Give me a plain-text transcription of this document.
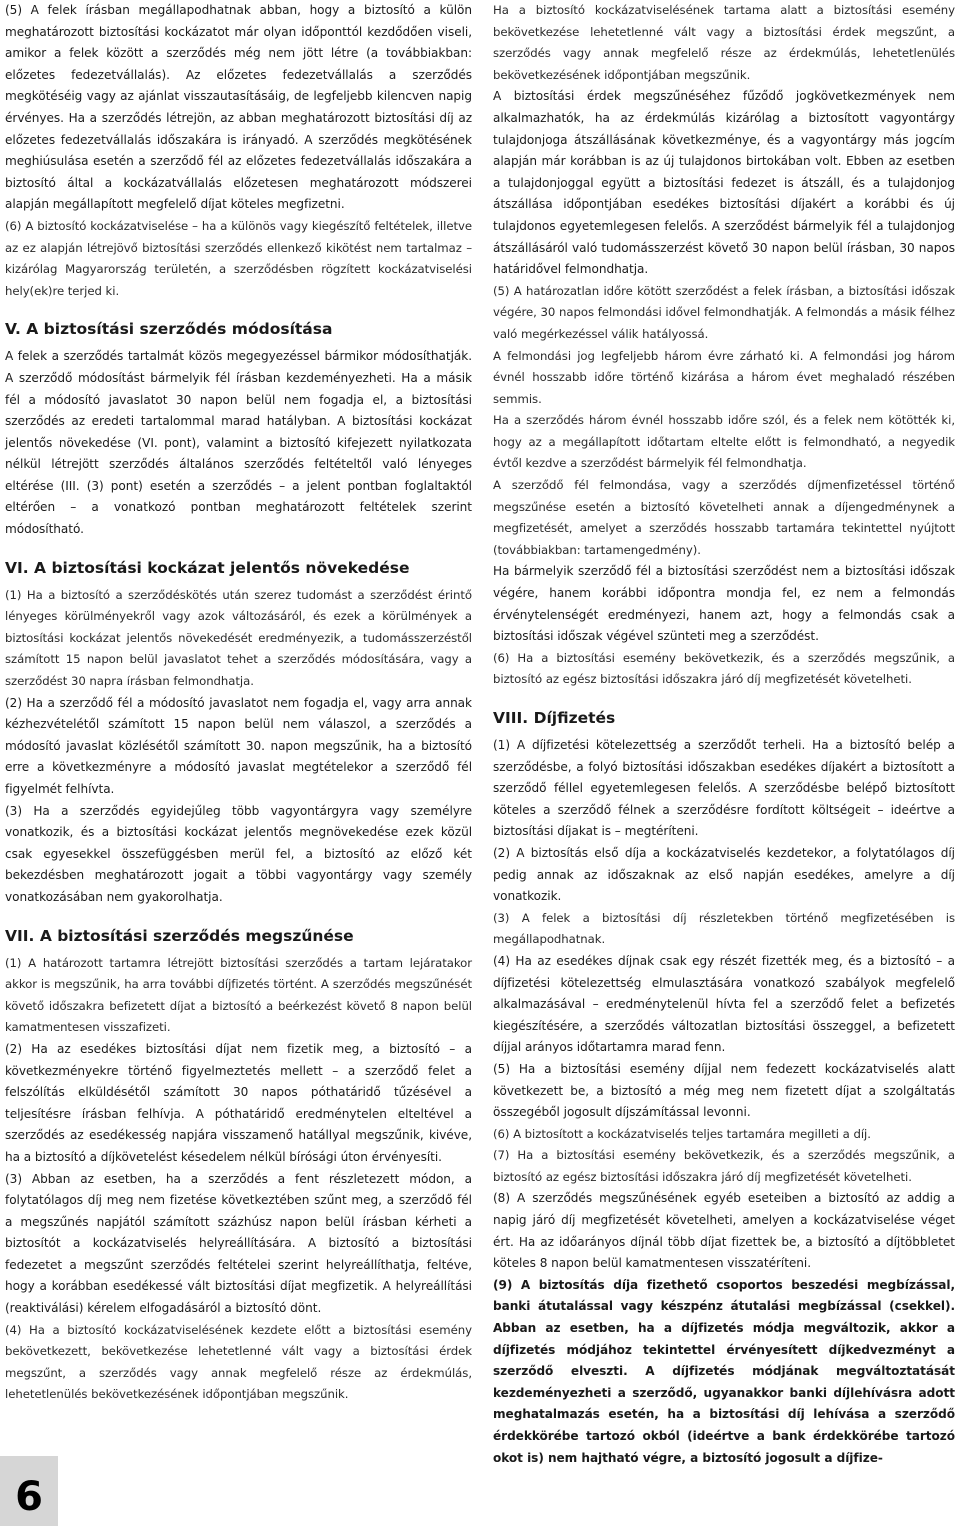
(5) A felek írásban megállapodhatnak abban, hogy a biztosító a külön meghatározott biztosítási kockázatot már olyan időponttól kezdődően viseli, amikor a felek között a szerződés még nem jött létre (a továbbiakban: előzetes fedezetvállalás). Az előzetes fedezetvállalás a szerződés megkötéséig vagy az ajánlat visszautasításáig, de legfeljebb kilencven napig érvényes. Ha a szerződés létrejön, az abban meghatározott biztosítási díj az előzetes fedezetvállalás időszakára is irányadó. A szerződés megkötésének meghiúsulása esetén a szerződő fél az előzetes fedezetvállalás időszakára a biztosító által a kockázatvállalás előzetesen meghatározott módszerei alapján megállapított megfelelő díjat köteles megfizetni.

(6) A biztosító kockázatviselése – ha a különös vagy kiegészítő feltételek, illetve az ez alapján létrejövő biztosítási szerződés ellenkező kikötést nem tartalmaz – kizárólag Magyarország területén, a szerződésben rögzített kockázatviselési hely(ek)re terjed ki.

V. A biztosítási szerződés módosítása

A felek a szerződés tartalmát közös megegyezéssel bármikor módosíthatják. A szerződő módosítást bármelyik fél írásban kezdeményezheti. Ha a másik fél a módosító javaslatot 30 napon belül nem fogadja el, a biztosítási szerződés az eredeti tartalommal marad hatályban. A biztosítási kockázat jelentős növekedése (VI. pont), valamint a biztosító kifejezett nyilatkozata nélkül létrejött szerződés általános szerződés feltételtől való lényeges eltérése (III. (3) pont) esetén a szerződés – a jelent pontban foglaltaktól eltérően – a vonatkozó pontban meghatározott feltételek szerint módosítható.

VI. A biztosítási kockázat jelentős növekedése

(1) Ha a biztosító a szerződéskötés után szerez tudomást a szerződést érintő lényeges körülményekről vagy azok változásáról, és ezek a körülmények a biztosítási kockázat jelentős növekedését eredményezik, a tudomásszerzéstől számított 15 napon belül javaslatot tehet a szerződés módosítására, vagy a szerződést 30 napra írásban felmondhatja.

(2) Ha a szerződő fél a módosító javaslatot nem fogadja el, vagy arra annak kézhezvételétől számított 15 napon belül nem válaszol, a szerződés a módosító javaslat közlésétől számított 30. napon megszűnik, ha a biztosító erre a következményre a módosító javaslat megtételekor a szerződő fél figyelmét felhívta.

(3) Ha a szerződés egyidejűleg több vagyontárgyra vagy személyre vonatkozik, és a biztosítási kockázat jelentős megnövekedése ezek közül csak egyesekkel összefüggésben merül fel, a biztosító az előző két bekezdésben meghatározott jogait a többi vagyontárgy vagy személy vonatkozásában nem gyakorolhatja.

VII. A biztosítási szerződés megszűnése

(1) A határozott tartamra létrejött biztosítási szerződés a tartam lejáratakor akkor is megszűnik, ha arra további díjfizetés történt. A szerződés megszűnését követő időszakra befizetett díjat a biztosító a beérkezést követő 8 napon belül kamatmentesen visszafizeti.

(2) Ha az esedékes biztosítási díjat nem fizetik meg, a biztosító – a következményekre történő figyelmeztetés mellett – a szerződő felet a felszólítás elküldésétől számított 30 napos póthatáridő tűzésével a teljesítésre írásban felhívja. A póthatáridő eredménytelen elteltével a szerződés az esedékesség napjára visszamenő hatállyal megszűnik, kivéve, ha a biztosító a díjkövetelést késedelem nélkül bírósági úton érvényesíti.

(3) Abban az esetben, ha a szerződés a fent részletezett módon, a folytatólagos díj meg nem fizetése következtében szűnt meg, a szerződő fél a megszűnés napjától számított százhúsz napon belül írásban kérheti a biztosítót a kockázatviselés helyreállítására. A biztosító a biztosítási fedezetet a megszűnt szerződés feltételei szerint helyreállíthatja, feltéve, hogy a korábban esedékessé vált biztosítási díjat megfizetik. A helyreállítási (reaktiválási) kérelem elfogadásáról a biztosító dönt.

(4) Ha a biztosító kockázatviselésének kezdete előtt a biztosítási esemény bekövetkezett, bekövetkezése lehetetlenné vált vagy a biztosítási érdek megszűnt, a szerződés vagy annak megfelelő része az érdekmúlás, lehetetlenülés bekövetkezésének időpontjában megszűnik.

Ha a biztosító kockázatviselésének tartama alatt a biztosítási esemény bekövetkezése lehetetlenné vált vagy a biztosítási érdek megszűnt, a szerződés vagy annak megfelelő része az érdekmúlás, lehetetlenülés bekövetkezésének időpontjában megszűnik.

A biztosítási érdek megszűnéséhez fűződő jogkövetkezmények nem alkalmazhatók, ha az érdekmúlás kizárólag a biztosított vagyontárgy tulajdonjoga átszállásának következménye, és a vagyontárgy más jogcím alapján már korábban is az új tulajdonos birtokában volt. Ebben az esetben a tulajdonjoggal együtt a biztosítási fedezet is átszáll, és a tulajdonjog átszállása időpontjában esedékes biztosítási díjakért a korábbi és új tulajdonos egyetemlegesen felelős. A szerződést bármelyik fél a tulajdonjog átszállásáról való tudomásszerzést követő 30 napon belül írásban, 30 napos határidővel felmondhatja.

(5) A határozatlan időre kötött szerződést a felek írásban, a biztosítási időszak végére, 30 napos felmondási idővel felmondhatják. A felmondás a másik félhez való megérkezéssel válik hatályossá.

A felmondási jog legfeljebb három évre zárható ki. A felmondási jog három évnél hosszabb időre történő kizárása a három évet meghaladó részében semmis.

Ha a szerződés három évnél hosszabb időre szól, és a felek nem kötötték ki, hogy az a megállapított időtartam eltelte előtt is felmondható, a negyedik évtől kezdve a szerződést bármelyik fél felmondhatja.

A szerződő fél felmondása, vagy a szerződés díjmenfizetéssel történő megszűnése esetén a biztosító követelheti annak a díjengedménynek a megfizetését, amelyet a szerződés hosszabb tartamára tekintettel nyújtott (továbbiakban: tartamengedmény).

Ha bármelyik szerződő fél a biztosítási szerződést nem a biztosítási időszak végére, hanem korábbi időpontra mondja fel, ez nem a felmondás érvénytelenségét eredményezi, hanem azt, hogy a felmondás csak a biztosítási időszak végével szünteti meg a szerződést.

(6) Ha a biztosítási esemény bekövetkezik, és a szerződés megszűnik, a biztosító az egész biztosítási időszakra járó díj megfizetését követelheti.

VIII. Díjfizetés

(1) A díjfizetési kötelezettség a szerződőt terheli. Ha a biztosító belép a szerződésbe, a folyó biztosítási időszakban esedékes díjakért a biztosított a szerződő féllel egyetemlegesen felelős. A szerződésbe belépő biztosított köteles a szerződő félnek a szerződésre fordított költségeit – ideértve a biztosítási díjakat is – megtéríteni.

(2) A biztosítás első díja a kockázatviselés kezdetekor, a folytatólagos díj pedig annak az időszaknak az első napján esedékes, amelyre a díj vonatkozik.

(3) A felek a biztosítási díj részletekben történő megfizetésében is megállapodhatnak.

(4) Ha az esedékes díjnak csak egy részét fizették meg, és a biztosító – a díjfizetési kötelezettség elmulasztására vonatkozó szabályok megfelelő alkalmazásával – eredménytelenül hívta fel a szerződő felet a befizetés kiegészítésére, a szerződés változatlan biztosítási összeggel, a befizetett díjjal arányos időtartamra marad fenn.

(5) Ha a biztosítási esemény díjjal nem fedezett kockázatviselés alatt következett be, a biztosító a még meg nem fizetett díjat a szolgáltatás összegéből jogosult díjszámítással levonni.

(6) A biztosított a kockázatviselés teljes tartamára megilleti a díj.

(7) Ha a biztosítási esemény bekövetkezik, és a szerződés megszűnik, a biztosító az egész biztosítási időszakra járó díj megfizetését követelheti.

(8) A szerződés megszűnésének egyéb eseteiben a biztosító az addig a napig járó díj megfizetését követelheti, amelyen a kockázatviselése véget ért. Ha az időarányos díjnál több díjat fizettek be, a biztosító a díjtöbbletet köteles 8 napon belül kamatmentesen visszatéríteni.

(9) A biztosítás díja fizethető csoportos beszedési megbízással, banki átutalással vagy készpénz átutalási megbízással (csekkel). Abban az esetben, ha a díjfizetés módja megváltozik, akkor a díjfizetés módjához tekintettel érvényesített díjkedvezményt a szerződő elveszti. A díjfizetés módjának megváltoztatását kezdeményezheti a szerződő, ugyanakkor banki díjlehívásra adott meghatalmazás esetén, ha a biztosítási díj lehívása a szerződő érdekkörébe tartozó okból (ideértve a bank érdekkörébe tartozó okot is) nem hajtható végre, a biztosító jogosult a díjfize-

6
